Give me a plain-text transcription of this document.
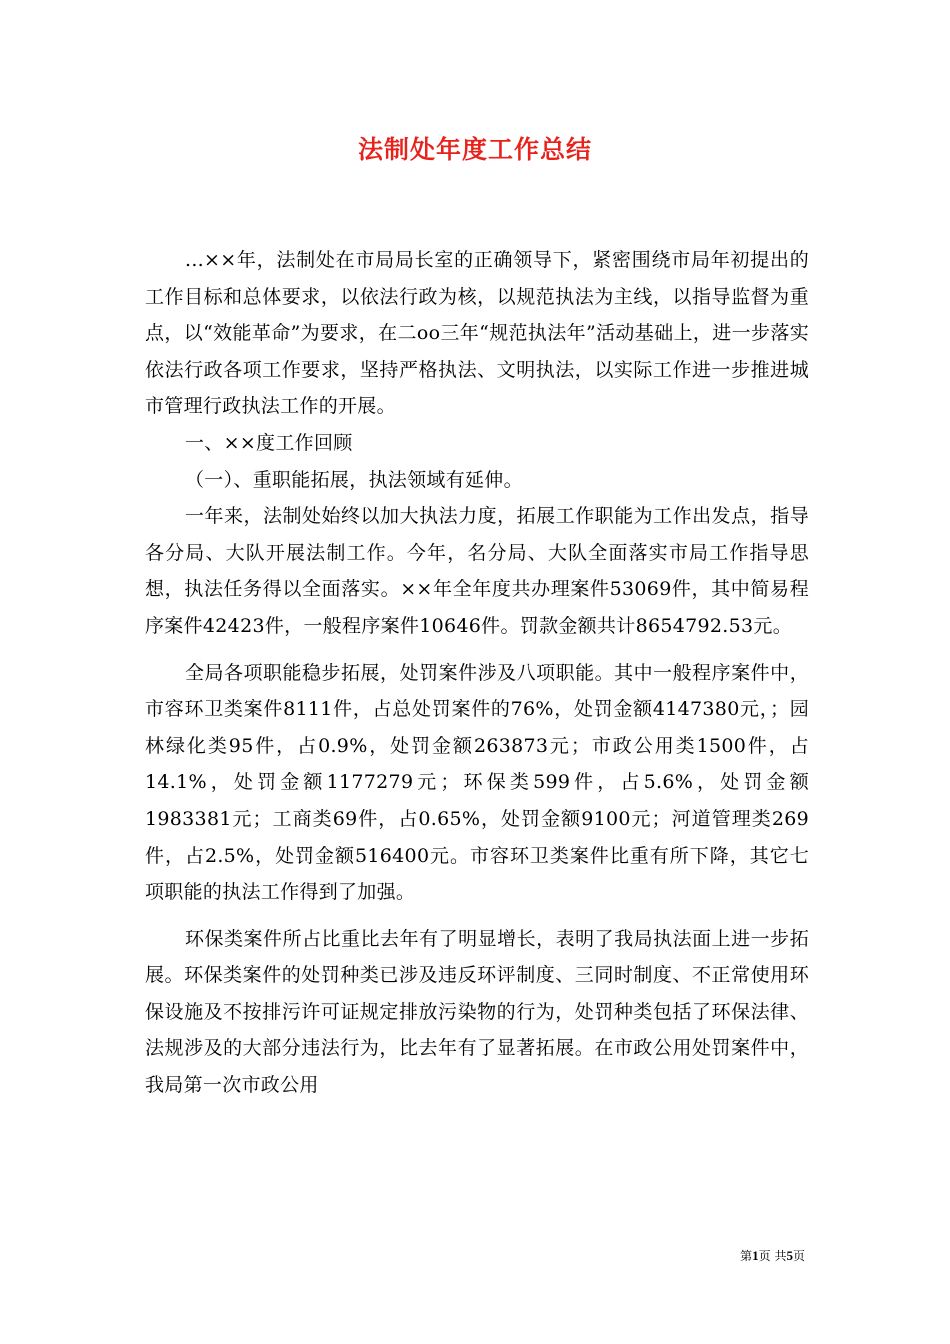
法制处年度工作总结

...××年，法制处在市局局长室的正确领导下，紧密围绕市局年初提出的工作目标和总体要求，以依法行政为核，以规范执法为主线，以指导监督为重点，以“效能革命”为要求，在二oo三年“规范执法年”活动基础上，进一步落实依法行政各项工作要求，坚持严格执法、文明执法，以实际工作进一步推进城市管理行政执法工作的开展。

一、××度工作回顾

（一）、重职能拓展，执法领域有延伸。

一年来，法制处始终以加大执法力度，拓展工作职能为工作出发点，指导各分局、大队开展法制工作。今年，名分局、大队全面落实市局工作指导思想，执法任务得以全面落实。××年全年度共办理案件53069件，其中简易程序案件42423件，一般程序案件10646件。罚款金额共计8654792.53元。

全局各项职能稳步拓展，处罚案件涉及八项职能。其中一般程序案件中，市容环卫类案件8111件，占总处罚案件的76%，处罚金额4147380元，；园林绿化类95件，占0.9%，处罚金额263873元；市政公用类1500件，占14.1%，处罚金额1177279元；环保类599件，占5.6%，处罚金额1983381元；工商类69件，占0.65%，处罚金额9100元；河道管理类269件，占2.5%，处罚金额516400元。市容环卫类案件比重有所下降，其它七项职能的执法工作得到了加强。

环保类案件所占比重比去年有了明显增长，表明了我局执法面上进一步拓展。环保类案件的处罚种类已涉及违反环评制度、三同时制度、不正常使用环保设施及不按排污许可证规定排放污染物的行为，处罚种类包括了环保法律、法规涉及的大部分违法行为，比去年有了显著拓展。在市政公用处罚案件中，我局第一次市政公用

第1页 共5页
